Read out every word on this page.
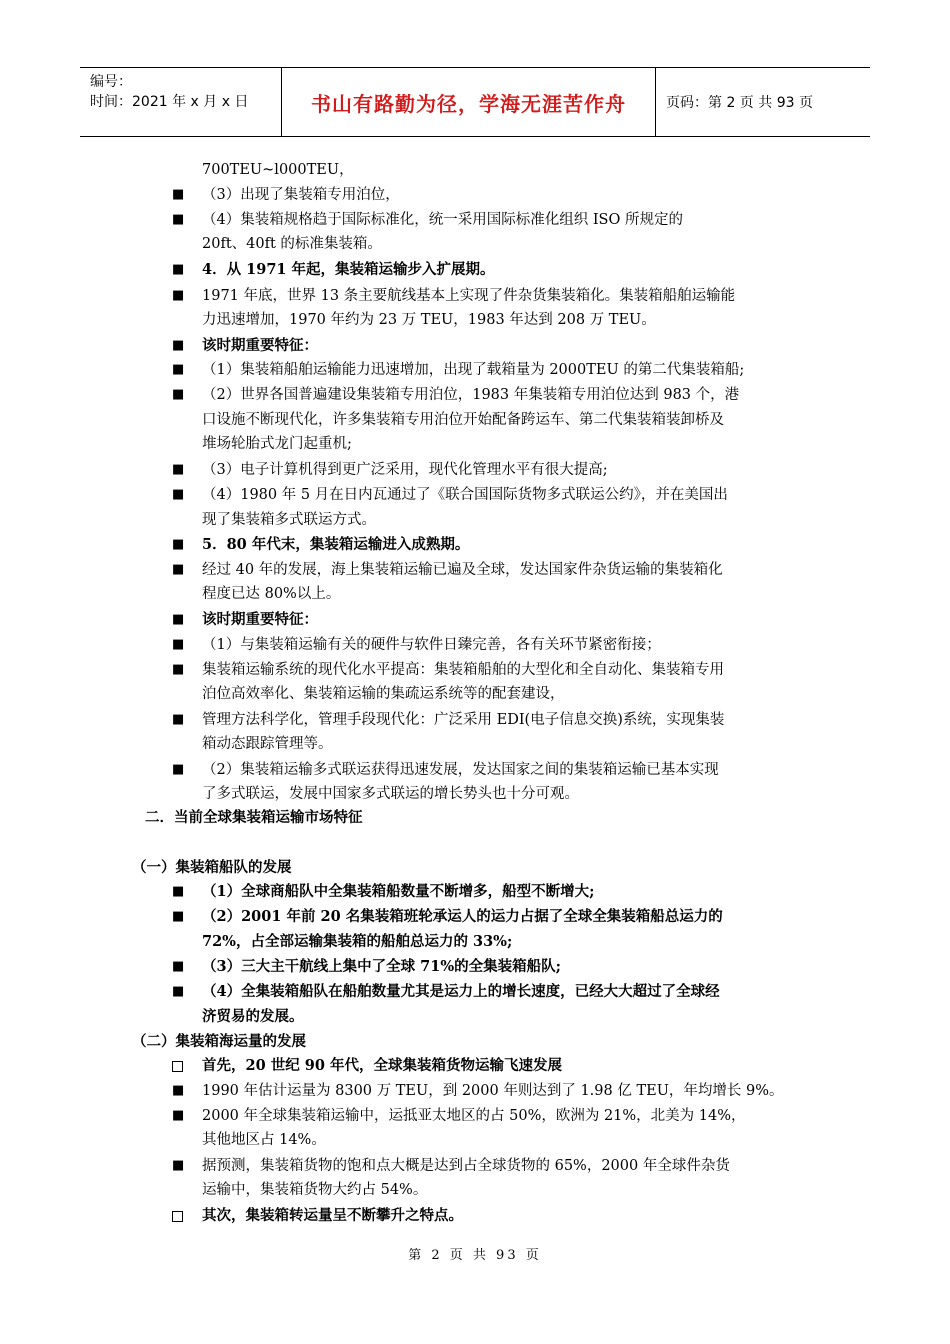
编号：
时间：2021 年 x 月 x 日	书山有路勤为径，学海无涯苦作舟	页码：第 2 页 共 93 页
700TEU~l000TEU，
■ （3）出现了集装箱专用泊位，
■ （4）集装箱规格趋于国际标准化，统一采用国际标准化组织 ISO 所规定的
20ft、40ft 的标准集装箱。
■ 4．从 1971 年起，集装箱运输步入扩展期。
■ 1971 年底，世界 13 条主要航线基本上实现了件杂货集装箱化。集装箱船舶运输能
力迅速增加，1970 年约为 23 万 TEU，1983 年达到 208 万 TEU。
■ 该时期重要特征：
■ （1）集装箱船舶运输能力迅速增加，出现了载箱量为 2000TEU 的第二代集装箱船;
■ （2）世界各国普遍建设集装箱专用泊位，1983 年集装箱专用泊位达到 983 个，港
口设施不断现代化，许多集装箱专用泊位开始配备跨运车、第二代集装箱装卸桥及
堆场轮胎式龙门起重机;
■ （3）电子计算机得到更广泛采用，现代化管理水平有很大提高;
■ （4）1980 年 5 月在日内瓦通过了《联合国国际货物多式联运公约》，并在美国出
现了集装箱多式联运方式。
■ 5．80 年代末，集装箱运输进入成熟期。
■ 经过 40 年的发展，海上集装箱运输已遍及全球，发达国家件杂货运输的集装箱化
程度已达 80%以上。
■ 该时期重要特征：
■ （1）与集装箱运输有关的硬件与软件日臻完善，各有关环节紧密衔接；
■ 集装箱运输系统的现代化水平提高：集装箱船舶的大型化和全自动化、集装箱专用
泊位高效率化、集装箱运输的集疏运系统等的配套建设，
■ 管理方法科学化，管理手段现代化：广泛采用 EDI(电子信息交换)系统，实现集装
箱动态跟踪管理等。
■ （2）集装箱运输多式联运获得迅速发展，发达国家之间的集装箱运输已基本实现
了多式联运，发展中国家多式联运的增长势头也十分可观。
二．当前全球集装箱运输市场特征
（一）集装箱船队的发展
■ （1）全球商船队中全集装箱船数量不断增多，船型不断增大;
■ （2）2001 年前 20 名集装箱班轮承运人的运力占据了全球全集装箱船总运力的
72%，占全部运输集装箱的船舶总运力的 33%;
■ （3）三大主干航线上集中了全球 71%的全集装箱船队;
■ （4）全集装箱船队在船舶数量尤其是运力上的增长速度，已经大大超过了全球经
济贸易的发展。
（二）集装箱海运量的发展
首先，20 世纪 90 年代，全球集装箱货物运输飞速发展
■ 1990 年估计运量为 8300 万 TEU，到 2000 年则达到了 1.98 亿 TEU，年均增长 9%。
■ 2000 年全球集装箱运输中，运抵亚太地区的占 50%，欧洲为 21%，北美为 14%，
其他地区占 14%。
■ 据预测，集装箱货物的饱和点大概是达到占全球货物的 65%，2000 年全球件杂货
运输中，集装箱货物大约占 54%。
其次，集装箱转运量呈不断攀升之特点。
第 2 页 共 93 页
